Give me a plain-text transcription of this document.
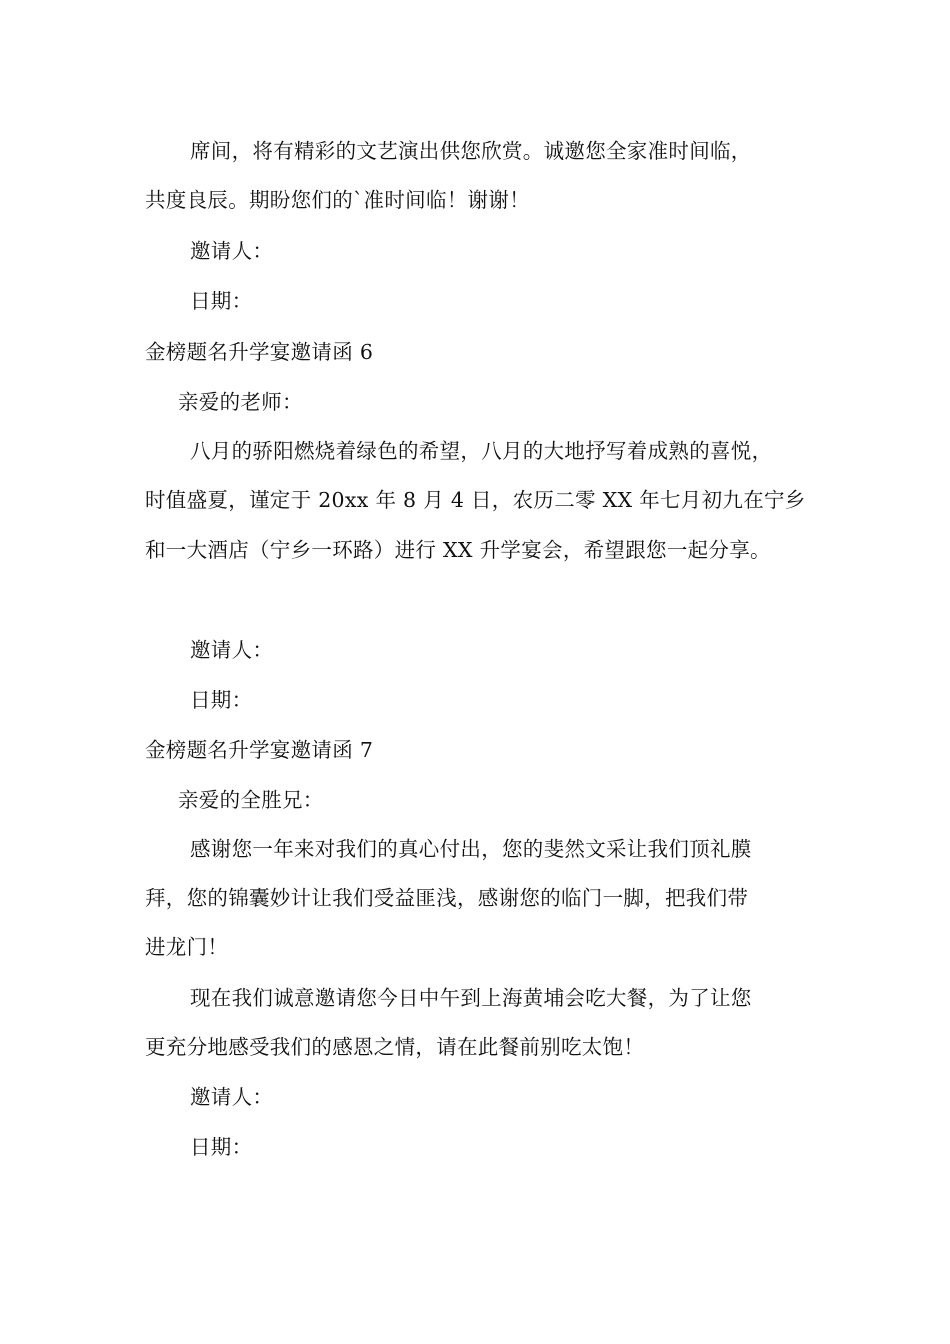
席间，将有精彩的文艺演出供您欣赏。诚邀您全家准时间临，
共度良辰。期盼您们的`准时间临！谢谢！
邀请人：
日期：
金榜题名升学宴邀请函 6
亲爱的老师：
八月的骄阳燃烧着绿色的希望，八月的大地抒写着成熟的喜悦，
时值盛夏，谨定于 20xx 年 8 月 4 日，农历二零 XX 年七月初九在宁乡
和一大酒店（宁乡一环路）进行 XX 升学宴会，希望跟您一起分享。
邀请人：
日期：
金榜题名升学宴邀请函 7
亲爱的全胜兄：
感谢您一年来对我们的真心付出，您的斐然文采让我们顶礼膜
拜，您的锦囊妙计让我们受益匪浅，感谢您的临门一脚，把我们带
进龙门！
现在我们诚意邀请您今日中午到上海黄埔会吃大餐，为了让您
更充分地感受我们的感恩之情，请在此餐前别吃太饱！
邀请人：
日期：
